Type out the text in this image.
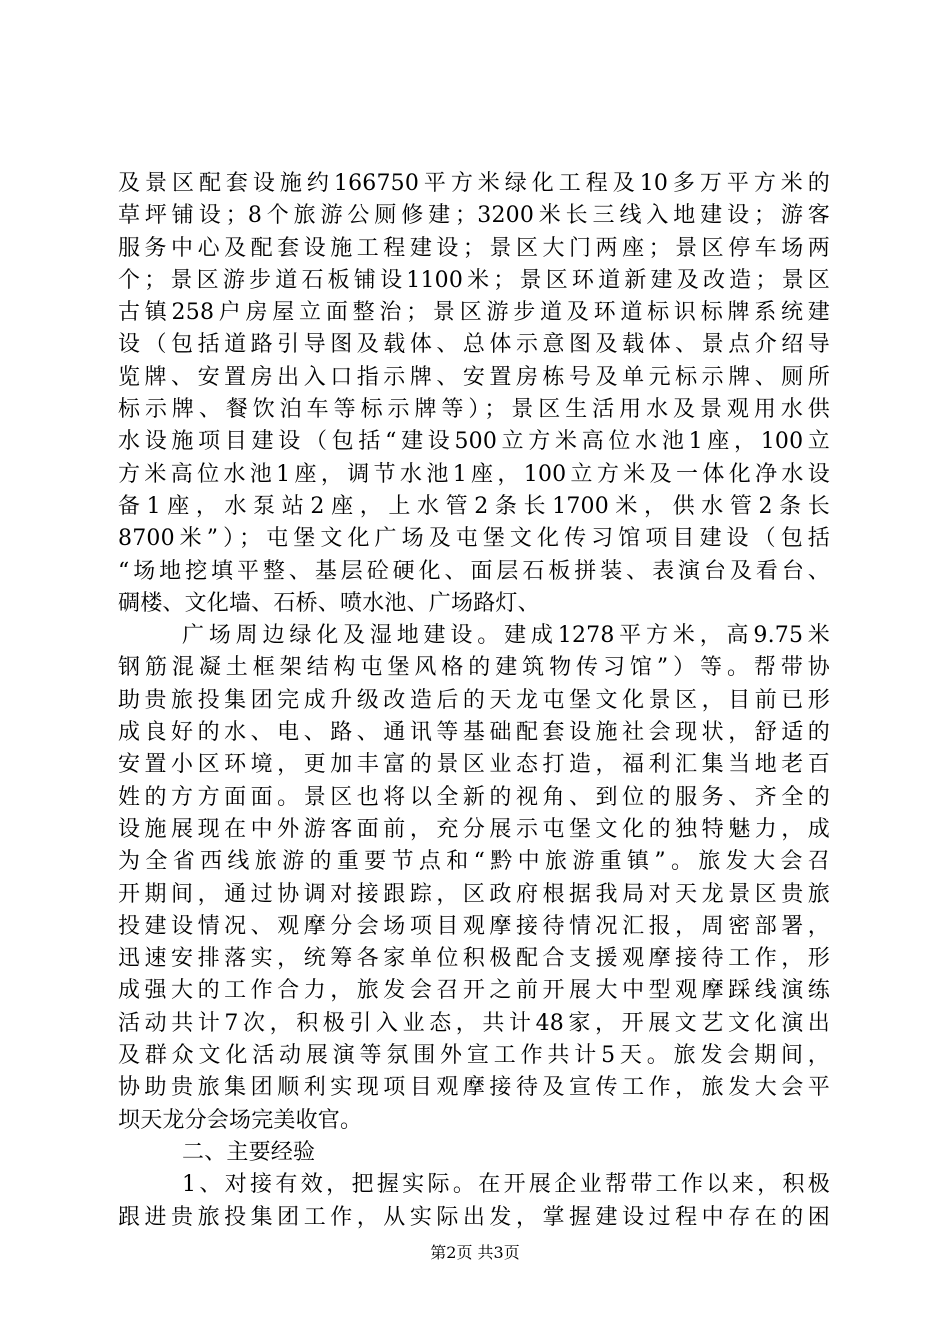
及景区配套设施约166750平方米绿化工程及10多万平方米的
草坪铺设；8个旅游公厕修建；3200米长三线入地建设；游客
服务中心及配套设施工程建设；景区大门两座；景区停车场两
个；景区游步道石板铺设1100米；景区环道新建及改造；景区
古镇258户房屋立面整治；景区游步道及环道标识标牌系统建
设（包括道路引导图及载体、总体示意图及载体、景点介绍导
览牌、安置房出入口指示牌、安置房栋号及单元标示牌、厕所
标示牌、餐饮泊车等标示牌等）；景区生活用水及景观用水供
水设施项目建设（包括“建设500立方米高位水池1座，100立
方米高位水池1座，调节水池1座，100立方米及一体化净水设
备1座，水泵站2座，上水管2条长1700米，供水管2条长
8700米”）；屯堡文化广场及屯堡文化传习馆项目建设（包括
“场地挖填平整、基层砼硬化、面层石板拼装、表演台及看台、
碉楼、文化墙、石桥、喷水池、广场路灯、
广场周边绿化及湿地建设。建成1278平方米，高9.75米
钢筋混凝土框架结构屯堡风格的建筑物传习馆”）等。帮带协
助贵旅投集团完成升级改造后的天龙屯堡文化景区，目前已形
成良好的水、电、路、通讯等基础配套设施社会现状，舒适的
安置小区环境，更加丰富的景区业态打造，福利汇集当地老百
姓的方方面面。景区也将以全新的视角、到位的服务、齐全的
设施展现在中外游客面前，充分展示屯堡文化的独特魅力，成
为全省西线旅游的重要节点和“黔中旅游重镇”。旅发大会召
开期间，通过协调对接跟踪，区政府根据我局对天龙景区贵旅
投建设情况、观摩分会场项目观摩接待情况汇报，周密部署，
迅速安排落实，统筹各家单位积极配合支援观摩接待工作，形
成强大的工作合力，旅发会召开之前开展大中型观摩踩线演练
活动共计7次，积极引入业态，共计48家，开展文艺文化演出
及群众文化活动展演等氛围外宣工作共计5天。旅发会期间，
协助贵旅集团顺利实现项目观摩接待及宣传工作，旅发大会平
坝天龙分会场完美收官。
二、主要经验
1、对接有效，把握实际。在开展企业帮带工作以来，积极
跟进贵旅投集团工作，从实际出发，掌握建设过程中存在的困
第2页 共3页
